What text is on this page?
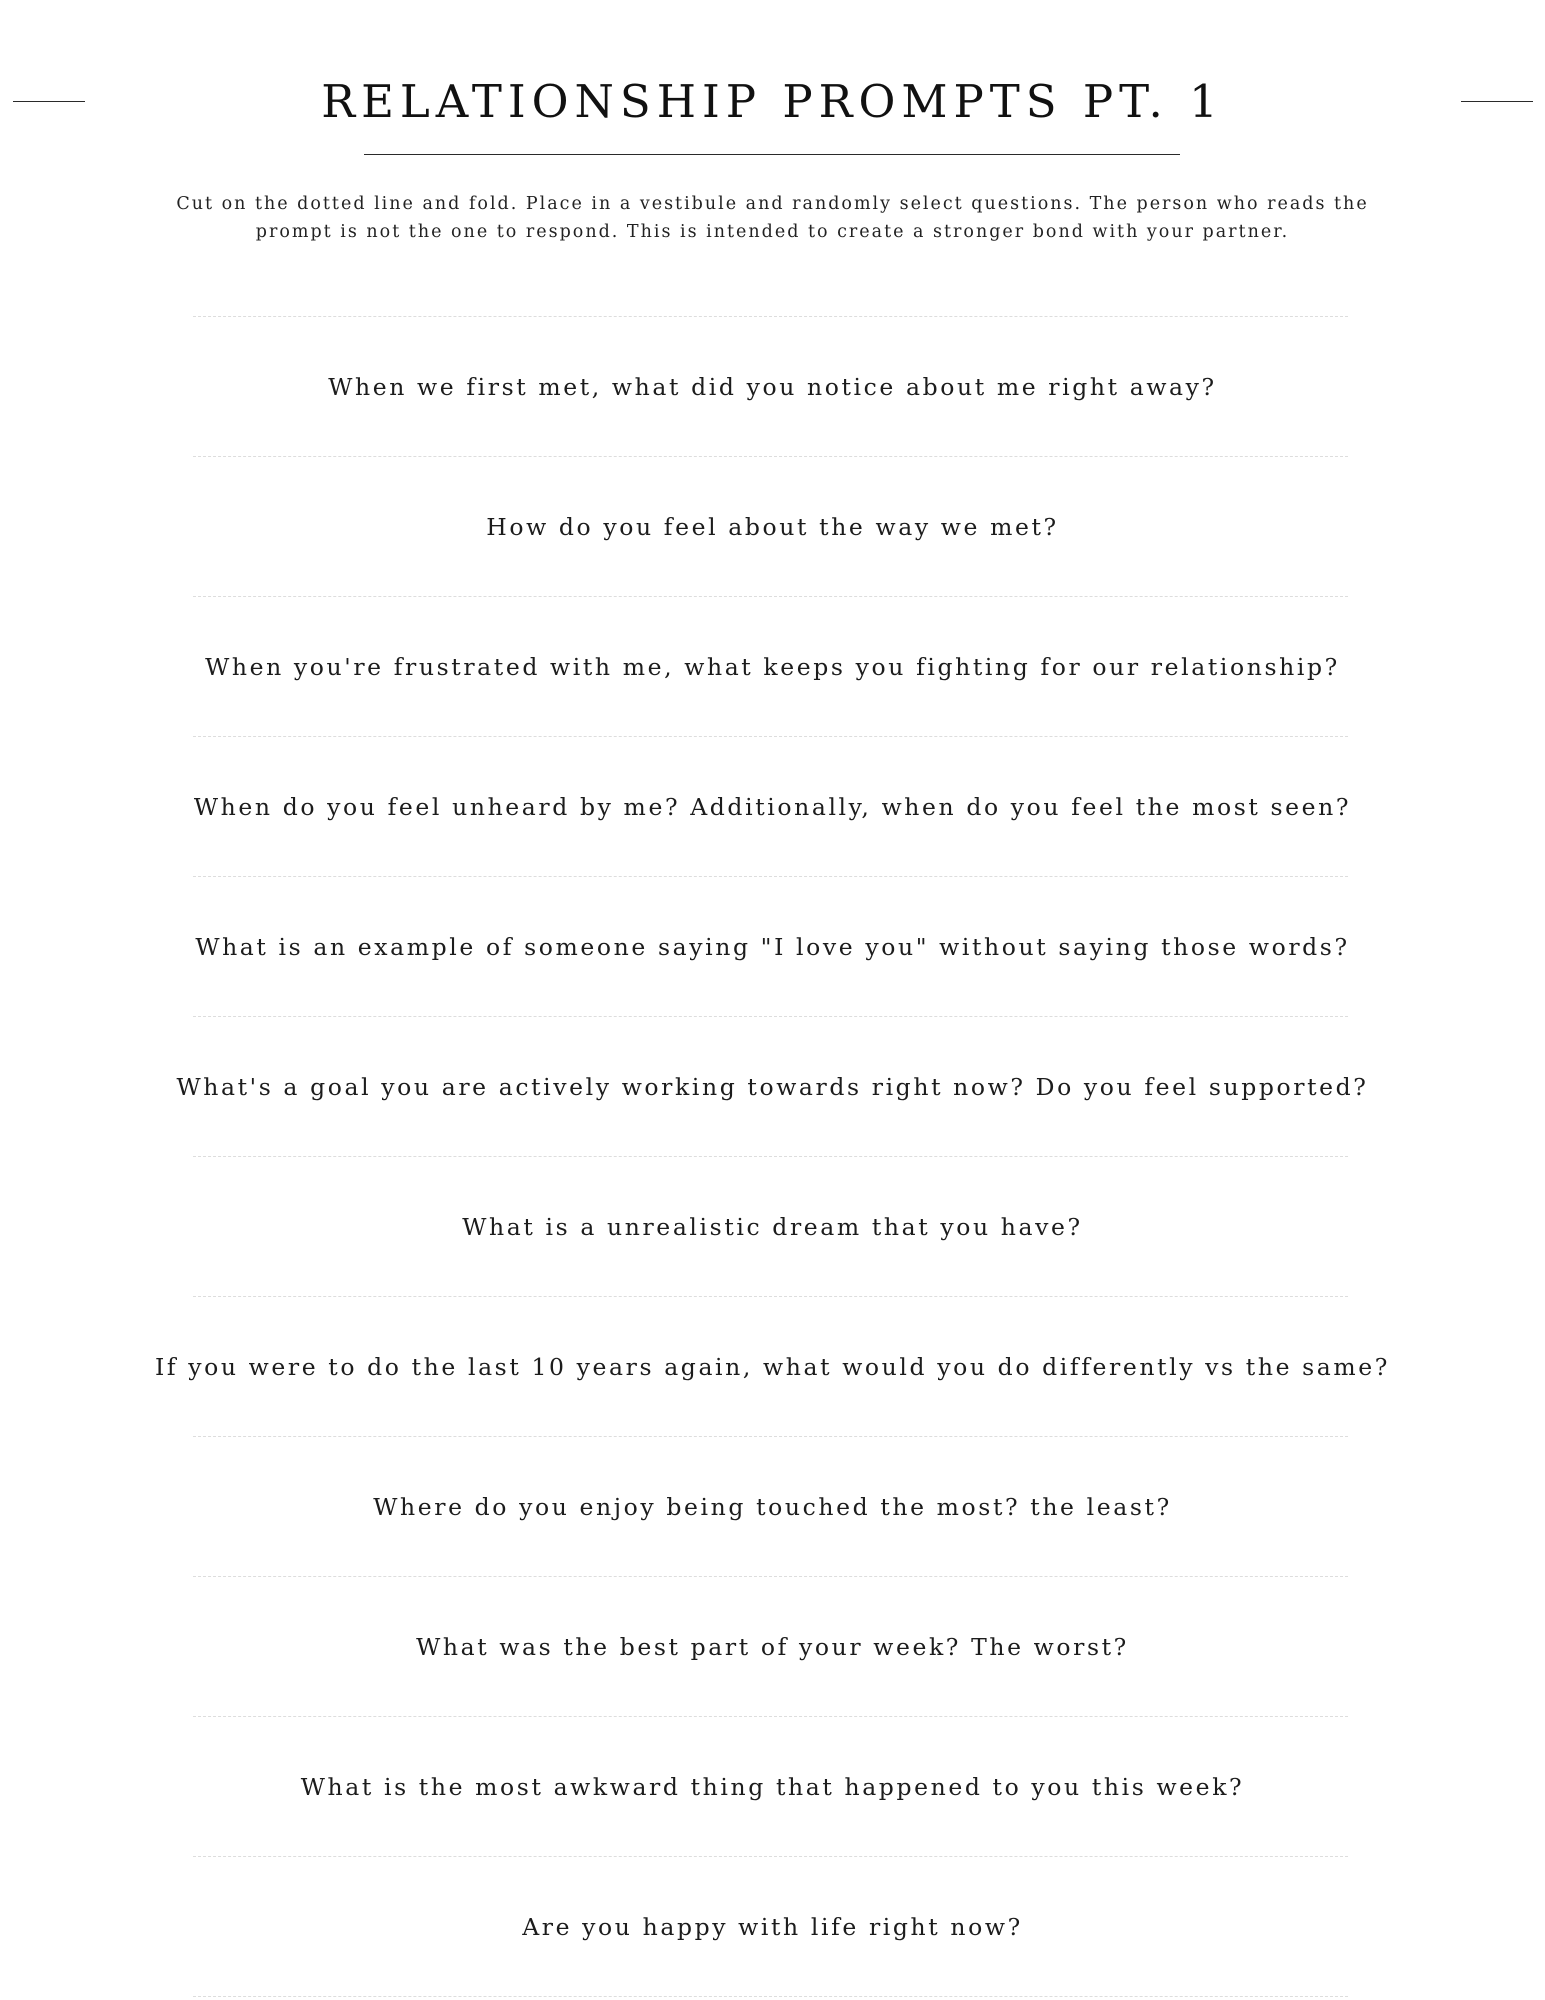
RELATIONSHIP PROMPTS PT. 1
Cut on the dotted line and fold. Place in a vestibule and randomly select questions. The person who reads the prompt is not the one to respond. This is intended to create a stronger bond with your partner.
When we first met, what did you notice about me right away?
How do you feel about the way we met?
When you're frustrated with me, what keeps you fighting for our relationship?
When do you feel unheard by me? Additionally, when do you feel the most seen?
What is an example of someone saying "I love you" without saying those words?
What's a goal you are actively working towards right now? Do you feel supported?
What is a unrealistic dream that you have?
If you were to do the last 10 years again, what would you do differently vs the same?
Where do you enjoy being touched the most? the least?
What was the best part of your week? The worst?
What is the most awkward thing that happened to you this week?
Are you happy with life right now?
